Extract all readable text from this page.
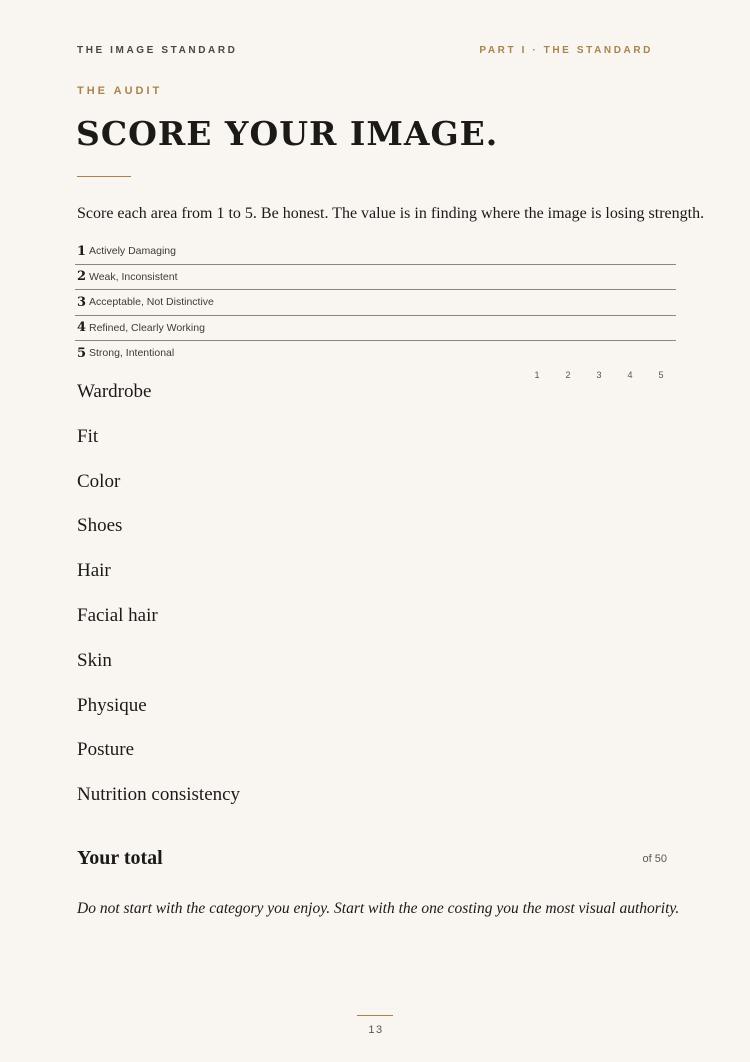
THE IMAGE STANDARD	PART I · THE STANDARD
THE AUDIT
SCORE YOUR IMAGE.

Score each area from 1 to 5. Be honest. The value is in finding where the image is losing strength.

1 Actively Damaging
2 Weak, Inconsistent
3 Acceptable, Not Distinctive
4 Refined, Clearly Working
5 Strong, Intentional
1	2	3	4	5
Wardrobe
Fit
Color
Shoes
Hair
Facial hair
Skin
Physique
Posture
Nutrition consistency
Your total	of 50

Do not start with the category you enjoy. Start with the one costing you the most visual authority.

13
